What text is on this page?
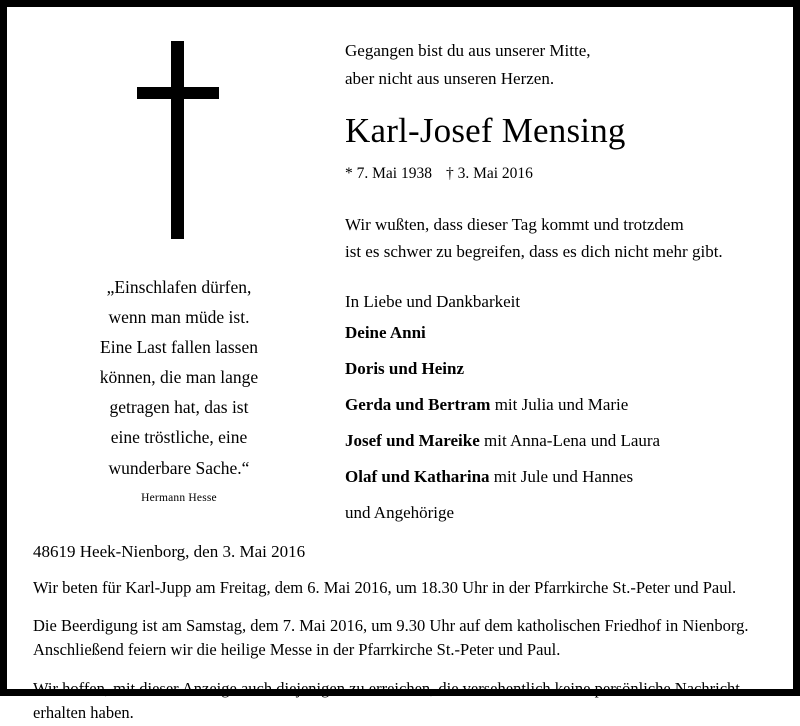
„Einschlafen dürfen,
wenn man müde ist.
Eine Last fallen lassen
können, die man lange
getragen hat, das ist
eine tröstliche, eine
wunderbare Sache.“
Hermann Hesse
Gegangen bist du aus unserer Mitte,
aber nicht aus unseren Herzen.
Karl-Josef Mensing
* 7. Mai 1938 † 3. Mai 2016
Wir wußten, dass dieser Tag kommt und trotzdem
ist es schwer zu begreifen, dass es dich nicht mehr gibt.
In Liebe und Dankbarkeit
Deine Anni
Doris und Heinz
Gerda und Bertram mit Julia und Marie
Josef und Mareike mit Anna-Lena und Laura
Olaf und Katharina mit Jule und Hannes
und Angehörige
48619 Heek-Nienborg, den 3. Mai 2016
Wir beten für Karl-Jupp am Freitag, dem 6. Mai 2016, um 18.30 Uhr in der Pfarrkirche St.-Peter und Paul.
Die Beerdigung ist am Samstag, dem 7. Mai 2016, um 9.30 Uhr auf dem katholischen Friedhof in Nienborg. Anschließend feiern wir die heilige Messe in der Pfarrkirche St.-Peter und Paul.
Wir hoffen, mit dieser Anzeige auch diejenigen zu erreichen, die versehentlich keine persönliche Nachricht erhalten haben.
